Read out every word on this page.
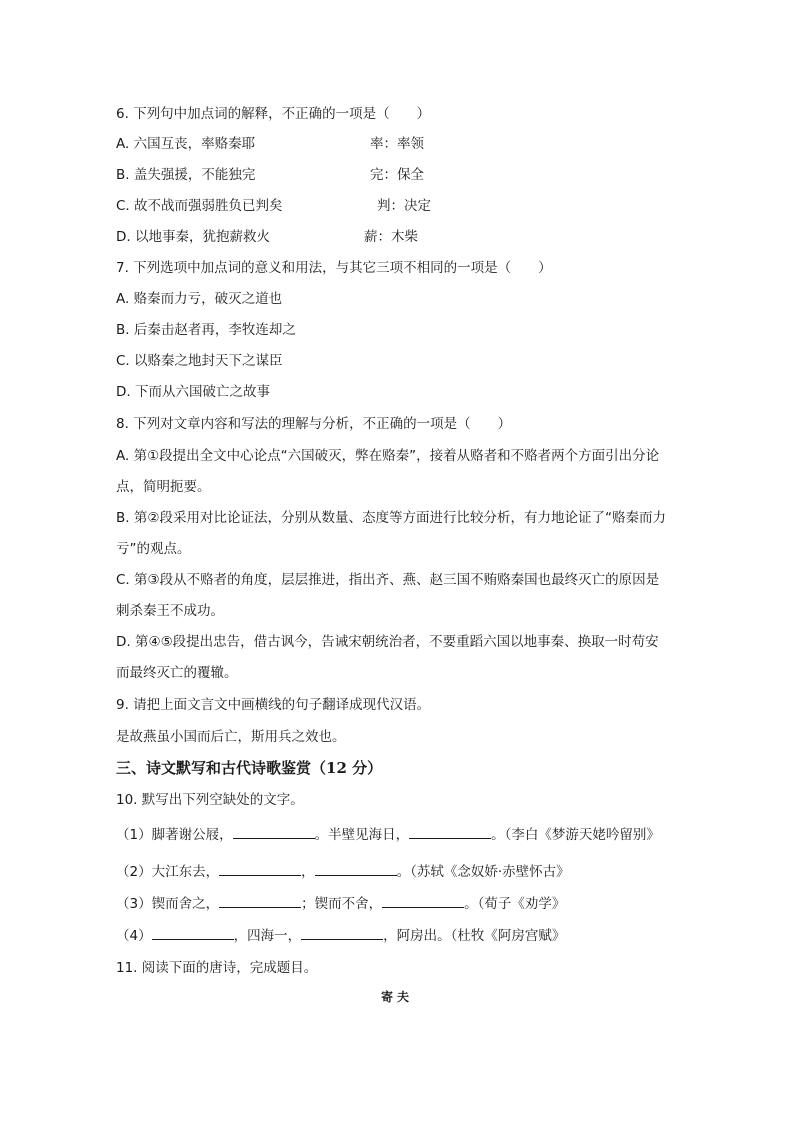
6. 下列句中加点词的解释，不正确的一项是（　　）
A. 六国互丧，率赂秦耶	率：率领
B. 盖失强援，不能独完	完：保全
C. 故不战而强弱胜负已判矣	判：决定
D. 以地事秦，犹抱薪救火	薪：木柴
7. 下列选项中加点词的意义和用法，与其它三项不相同的一项是（　　）
A. 赂秦而力亏，破灭之道也
B. 后秦击赵者再，李牧连却之
C. 以赂秦之地封天下之谋臣
D. 下而从六国破亡之故事
8. 下列对文章内容和写法的理解与分析，不正确的一项是（　　）
A. 第①段提出全文中心论点“六国破灭，弊在赂秦”，接着从赂者和不赂者两个方面引出分论
点，简明扼要。
B. 第②段采用对比论证法，分别从数量、态度等方面进行比较分析，有力地论证了“赂秦而力
亏”的观点。
C. 第③段从不赂者的角度，层层推进，指出齐、燕、赵三国不贿赂秦国也最终灭亡的原因是
刺杀秦王不成功。
D. 第④⑤段提出忠告，借古讽今，告诫宋朝统治者，不要重蹈六国以地事秦、换取一时苟安
而最终灭亡的覆辙。
9. 请把上面文言文中画横线的句子翻译成现代汉语。
是故燕虽小国而后亡，斯用兵之效也。
三、诗文默写和古代诗歌鉴赏（12 分）
10. 默写出下列空缺处的文字。
（1）脚著谢公屐，	。半壁见海日，	。（李白《梦游天姥吟留别》
（2）大江东去，	，	。（苏轼《念奴娇·赤壁怀古》
（3）锲而舍之，	；锲而不舍，	。（荀子《劝学》
（4）	，四海一，	，阿房出。（杜牧《阿房宫赋》
11. 阅读下面的唐诗，完成题目。
寄夫
